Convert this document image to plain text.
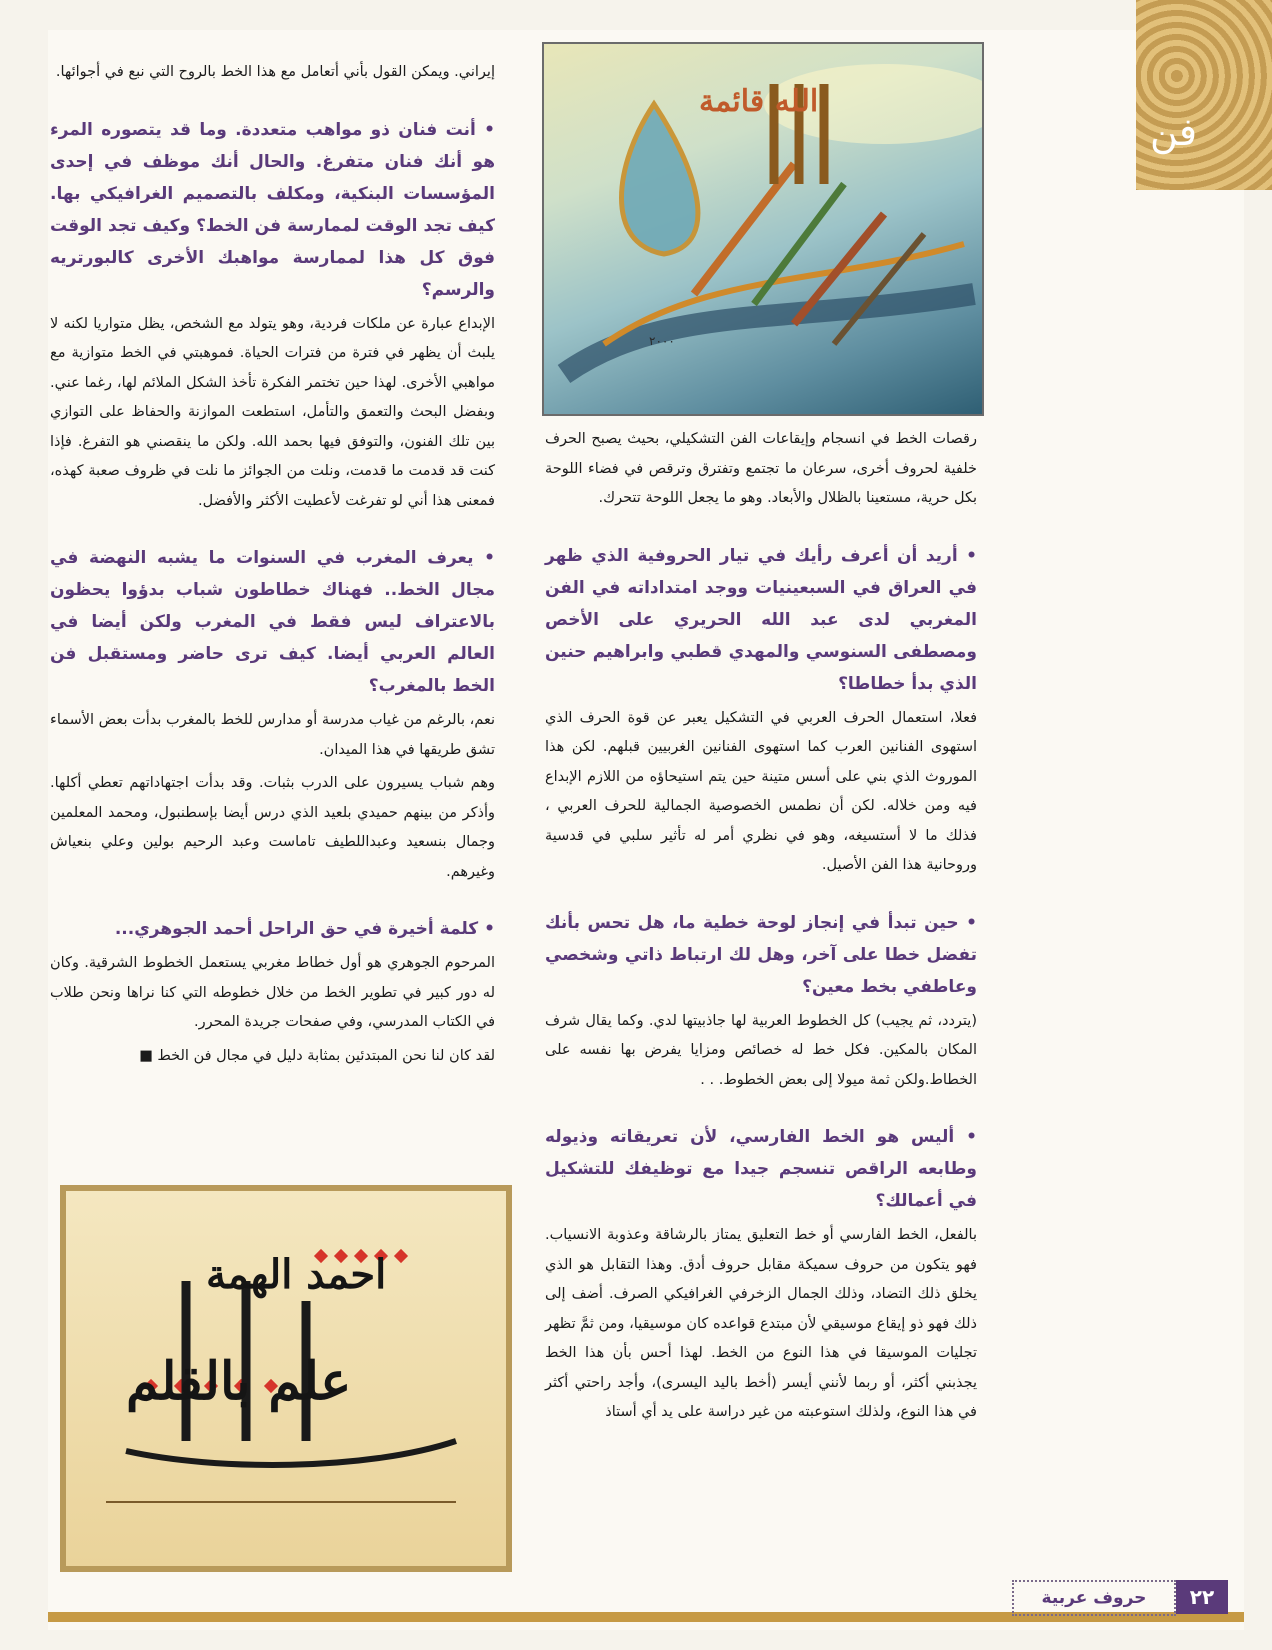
فن
الله قائمة
٢٠٠٠
علم بالقلم
احمد الهمة

رقصات الخط في انسجام وإيقاعات الفن التشكيلي، بحيث يصبح الحرف خلفية لحروف أخرى، سرعان ما تجتمع وتفترق وترقص في فضاء اللوحة بكل حرية، مستعينا بالظلال والأبعاد. وهو ما يجعل اللوحة تتحرك.

• أريد أن أعرف رأيك في تيار الحروفية الذي ظهر في العراق في السبعينيات ووجد امتداداته في الفن المغربي لدى عبد الله الحريري على الأخص ومصطفى السنوسي والمهدي قطبي وابراهيم حنين الذي بدأ خطاطا؟

فعلا، استعمال الحرف العربي في التشكيل يعبر عن قوة الحرف الذي استهوى الفنانين العرب كما استهوى الفنانين الغربيين قبلهم. لكن هذا الموروث الذي بني على أسس متينة حين يتم استيحاؤه من اللازم الإبداع فيه ومن خلاله. لكن أن نطمس الخصوصية الجمالية للحرف العربي ، فذلك ما لا أستسيغه، وهو في نظري أمر له تأثير سلبي في قدسية وروحانية هذا الفن الأصيل.

• حين تبدأ في إنجاز لوحة خطية ما، هل تحس بأنك تفضل خطا على آخر، وهل لك ارتباط ذاتي وشخصي وعاطفي بخط معين؟

(يتردد، ثم يجيب) كل الخطوط العربية لها جاذبيتها لدي. وكما يقال شرف المكان بالمكين. فكل خط له خصائص ومزايا يفرض بها نفسه على الخطاط.ولكن ثمة ميولا إلى بعض الخطوط. . .

• أليس هو الخط الفارسي، لأن تعريقاته وذيوله وطابعه الراقص تنسجم جيدا مع توظيفك للتشكيل في أعمالك؟

بالفعل، الخط الفارسي أو خط التعليق يمتاز بالرشاقة وعذوبة الانسياب. فهو يتكون من حروف سميكة مقابل حروف أدق. وهذا التقابل هو الذي يخلق ذلك التضاد، وذلك الجمال الزخرفي الغرافيكي الصرف. أضف إلى ذلك فهو ذو إيقاع موسيقي لأن مبتدع قواعده كان موسيقيا، ومن ثمَّ تظهر تجليات الموسيقا في هذا النوع من الخط. لهذا أحس بأن هذا الخط يجذبني أكثر، أو ربما لأنني أيسر (أخط باليد اليسرى)، وأجد راحتي أكثر في هذا النوع، ولذلك استوعبته من غير دراسة على يد أي أستاذ

إيراني. ويمكن القول بأني أتعامل مع هذا الخط بالروح التي نبع في أجوائها.

• أنت فنان ذو مواهب متعددة. وما قد يتصوره المرء هو أنك فنان متفرغ. والحال أنك موظف في إحدى المؤسسات البنكية، ومكلف بالتصميم الغرافيكي بها. كيف تجد الوقت لممارسة فن الخط؟ وكيف تجد الوقت فوق كل هذا لممارسة مواهبك الأخرى كالبورتريه والرسم؟

الإبداع عبارة عن ملكات فردية، وهو يتولد مع الشخص، يظل متواريا لكنه لا يلبث أن يظهر في فترة من فترات الحياة. فموهبتي في الخط متوازية مع مواهبي الأخرى. لهذا حين تختمر الفكرة تأخذ الشكل الملائم لها، رغما عني. وبفضل البحث والتعمق والتأمل، استطعت الموازنة والحفاظ على التوازي بين تلك الفنون، والتوفق فيها بحمد الله. ولكن ما ينقصني هو التفرغ. فإذا كنت قد قدمت ما قدمت، ونلت من الجوائز ما نلت في ظروف صعبة كهذه، فمعنى هذا أني لو تفرغت لأعطيت الأكثر والأفضل.

• يعرف المغرب في السنوات ما يشبه النهضة في مجال الخط.. فهناك خطاطون شباب بدؤوا يحظون بالاعتراف ليس فقط في المغرب ولكن أيضا في العالم العربي أيضا. كيف ترى حاضر ومستقبل فن الخط بالمغرب؟

نعم، بالرغم من غياب مدرسة أو مدارس للخط بالمغرب بدأت بعض الأسماء تشق طريقها في هذا الميدان.

وهم شباب يسيرون على الدرب بثبات. وقد بدأت اجتهاداتهم تعطي أكلها. وأذكر من بينهم حميدي بلعيد الذي درس أيضا بإسطنبول، ومحمد المعلمين وجمال بنسعيد وعبداللطيف تاماست وعبد الرحيم بولين وعلي بنعياش وغيرهم.

• كلمة أخيرة في حق الراحل أحمد الجوهري...

المرحوم الجوهري هو أول خطاط مغربي يستعمل الخطوط الشرقية. وكان له دور كبير في تطوير الخط من خلال خطوطه التي كنا نراها ونحن طلاب في الكتاب المدرسي، وفي صفحات جريدة المحرر.

لقد كان لنا نحن المبتدئين بمثابة دليل في مجال فن الخط ■

حروف عربية	٢٢
